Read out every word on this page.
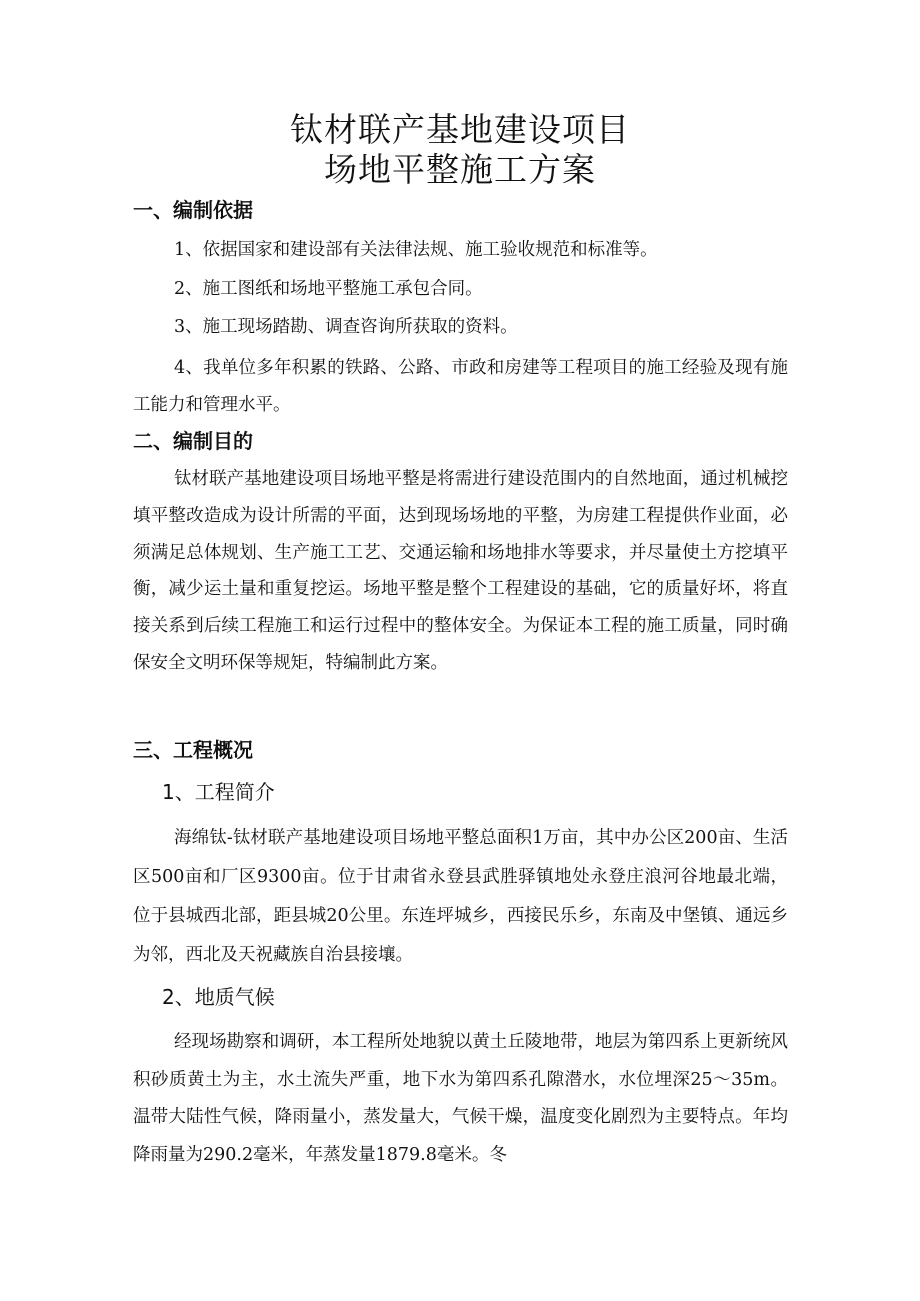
钛材联产基地建设项目
场地平整施工方案
一、编制依据
1、依据国家和建设部有关法律法规、施工验收规范和标准等。
2、施工图纸和场地平整施工承包合同。
3、施工现场踏勘、调查咨询所获取的资料。

4、我单位多年积累的铁路、公路、市政和房建等工程项目的施工经验及现有施工能力和管理水平。

二、编制目的

钛材联产基地建设项目场地平整是将需进行建设范围内的自然地面，通过机械挖填平整改造成为设计所需的平面，达到现场场地的平整，为房建工程提供作业面，必须满足总体规划、生产施工工艺、交通运输和场地排水等要求，并尽量使土方挖填平衡，减少运土量和重复挖运。场地平整是整个工程建设的基础，它的质量好坏，将直接关系到后续工程施工和运行过程中的整体安全。为保证本工程的施工质量，同时确保安全文明环保等规矩，特编制此方案。

三、工程概况
1、工程简介

海绵钛-钛材联产基地建设项目场地平整总面积1万亩，其中办公区200亩、生活区500亩和厂区9300亩。位于甘肃省永登县武胜驿镇地处永登庄浪河谷地最北端，位于县城西北部，距县城20公里。东连坪城乡，西接民乐乡，东南及中堡镇、通远乡为邻，西北及天祝藏族自治县接壤。

2、地质气候

经现场勘察和调研，本工程所处地貌以黄土丘陵地带，地层为第四系上更新统风积砂质黄土为主，水土流失严重，地下水为第四系孔隙潜水，水位埋深25～35m。温带大陆性气候，降雨量小，蒸发量大，气候干燥，温度变化剧烈为主要特点。年均降雨量为290.2毫米，年蒸发量1879.8毫米。冬
